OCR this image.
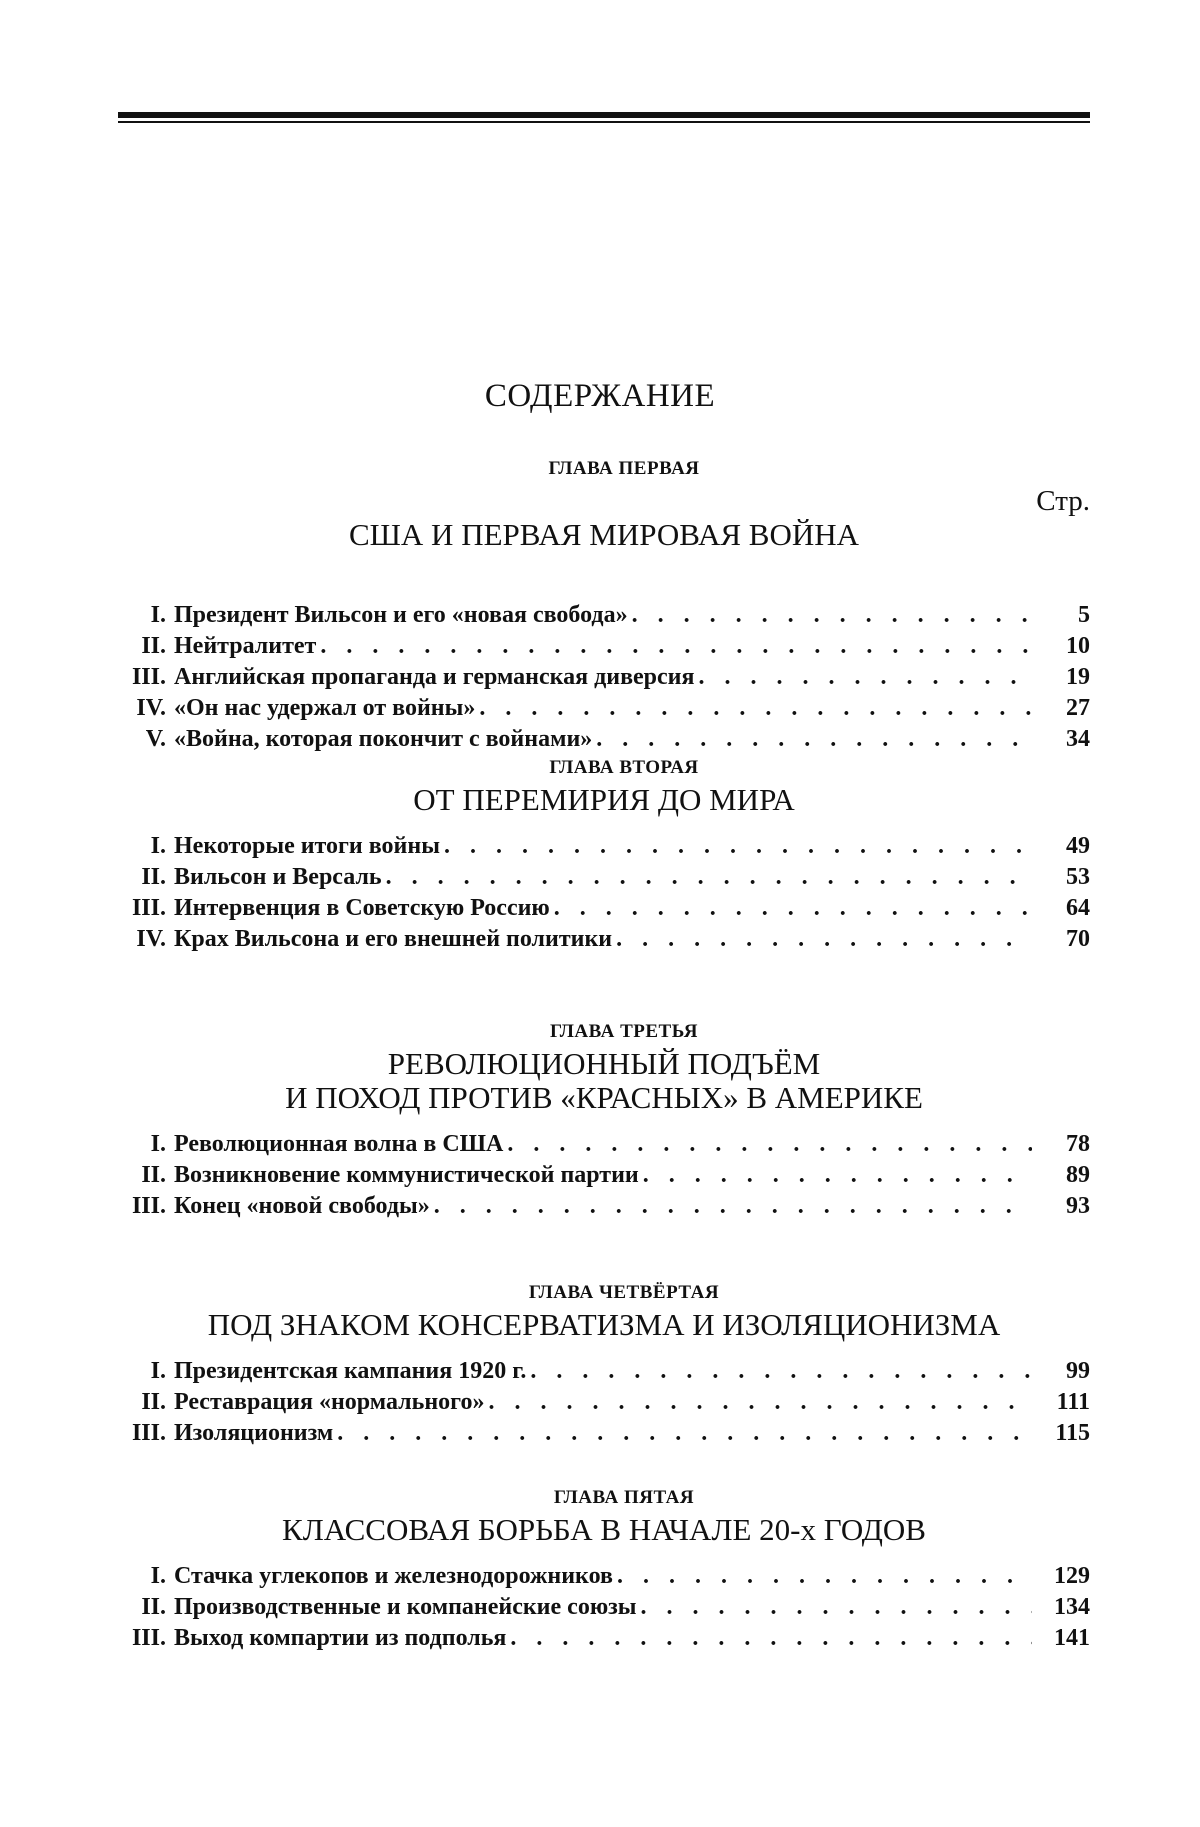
СОДЕРЖАНИЕ
ГЛАВА ПЕРВАЯ

США И ПЕРВАЯ МИРОВАЯ ВОЙНА

Стр.

I. Президент Вильсон и его «новая свобода» . . .	5
II. Нейтралитет . . .	10
III. Английская пропаганда и германская диверсия . . .	19
IV. «Он нас удержал от войны» . . .	27
V. «Война, которая покончит с войнами» . . .	34
ГЛАВА ВТОРАЯ
ОТ ПЕРЕМИРИЯ ДО МИРА
I. Некоторые итоги войны . . .	49
II. Вильсон и Версаль . . .	53
III. Интервенция в Советскую Россию . . .	64
IV. Крах Вильсона и его внешней политики . . .	70
ГЛАВА ТРЕТЬЯ
РЕВОЛЮЦИОННЫЙ ПОДЪЁМ
И ПОХОД ПРОТИВ «КРАСНЫХ» В АМЕРИКЕ
I. Революционная волна в США . . .	78
II. Возникновение коммунистической партии . . .	89
III. Конец «новой свободы» . . .	93
ГЛАВА ЧЕТВЁРТАЯ
ПОД ЗНАКОМ КОНСЕРВАТИЗМА И ИЗОЛЯЦИОНИЗМА
I. Президентская кампания 1920 г. . . .	99
II. Реставрация «нормального» . . .	111
III. Изоляционизм . . .	115
ГЛАВА ПЯТАЯ
КЛАССОВАЯ БОРЬБА В НАЧАЛЕ 20-х ГОДОВ
I. Стачка углекопов и железнодорожников . . .	129
II. Производственные и компанейские союзы . . .	134
III. Выход компартии из подполья . . .	141
